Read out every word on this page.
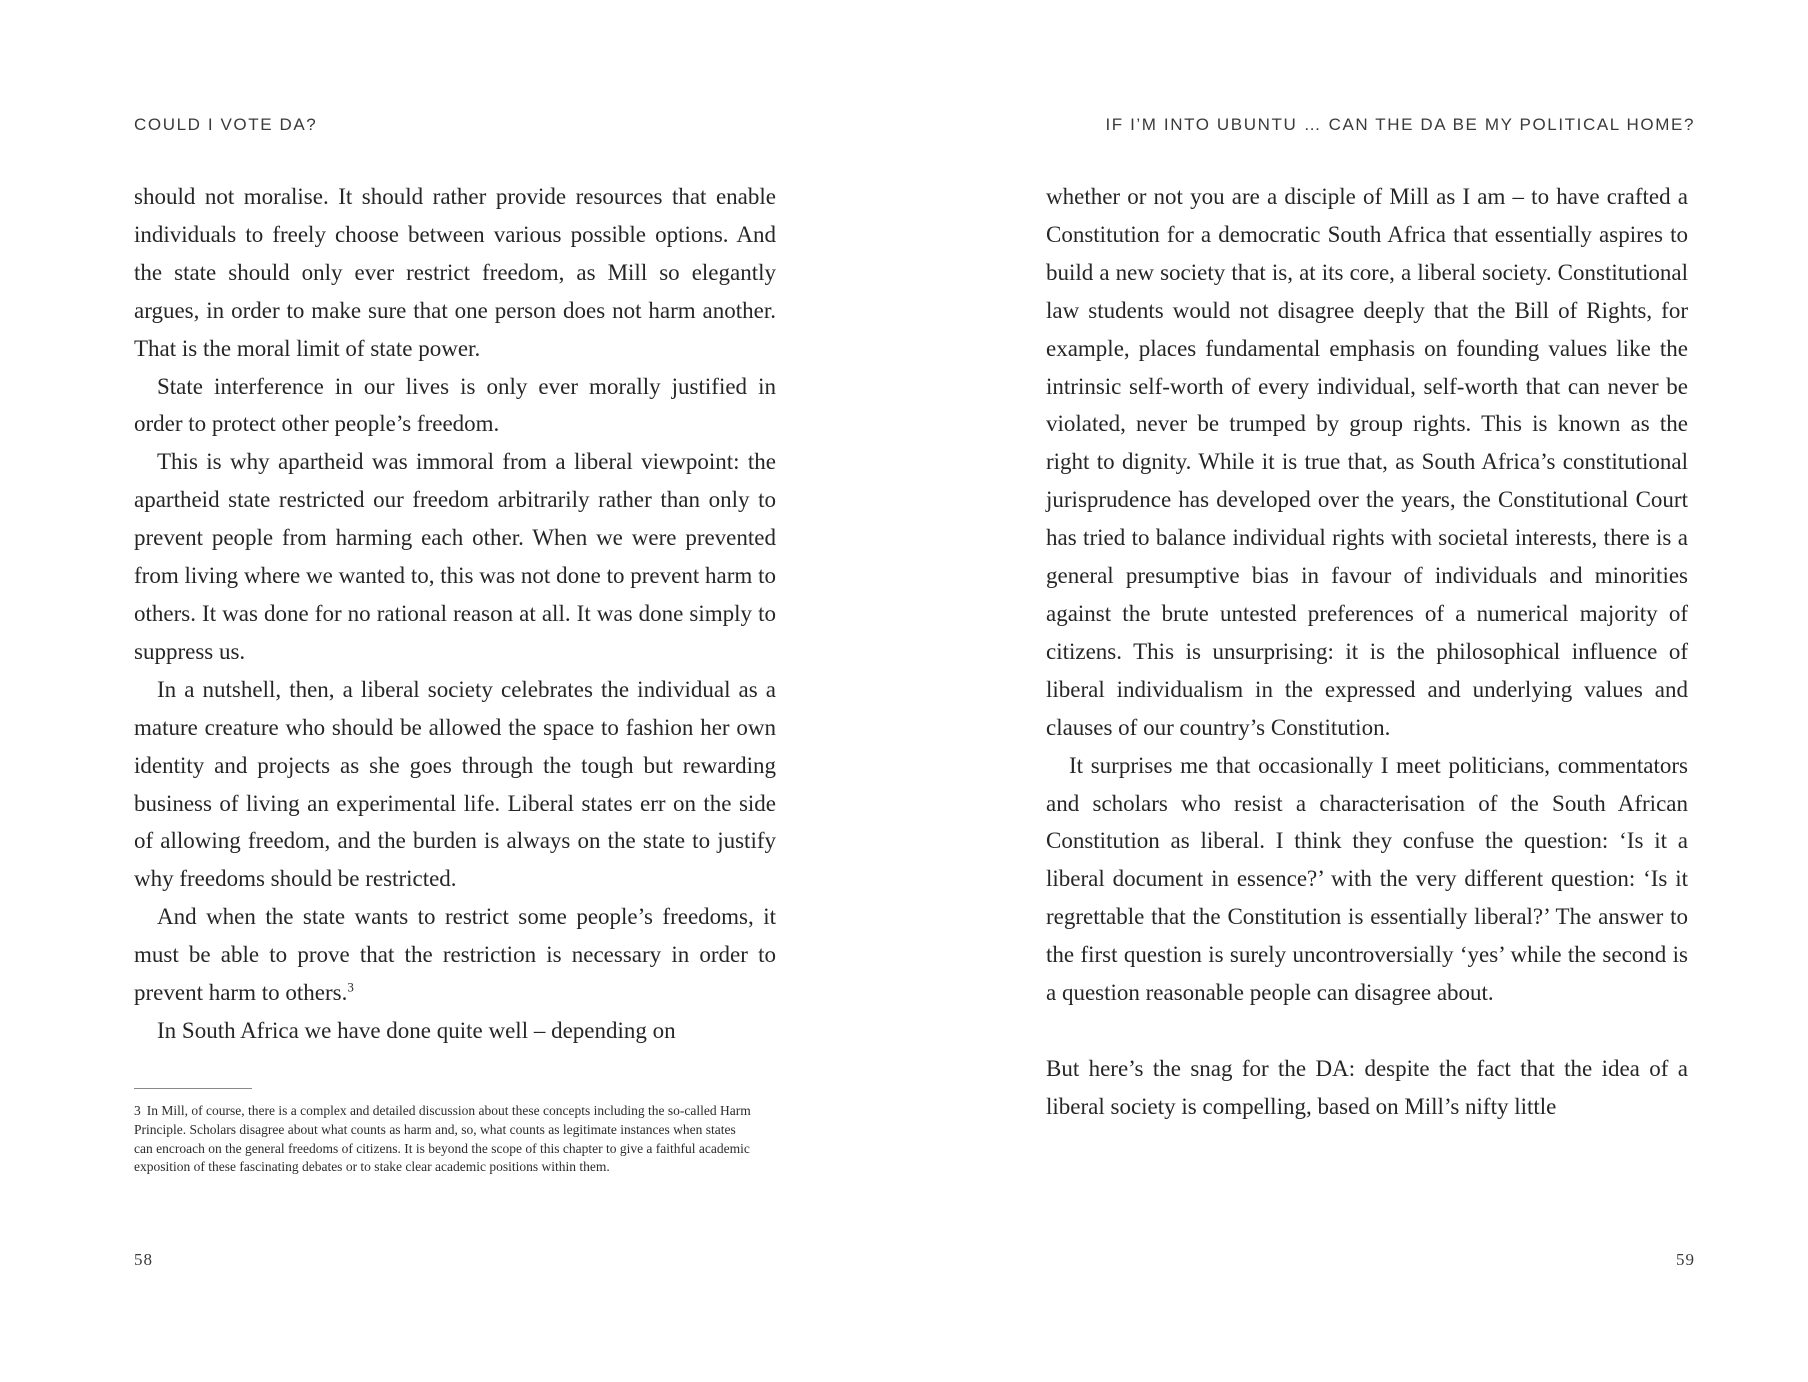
COULD I VOTE DA?

should not moralise. It should rather provide resources that enable individuals to freely choose between various possible options. And the state should only ever restrict freedom, as Mill so elegantly argues, in order to make sure that one person does not harm another. That is the moral limit of state power.

State interference in our lives is only ever morally justified in order to protect other people’s freedom.

This is why apartheid was immoral from a liberal viewpoint: the apartheid state restricted our freedom arbitrarily rather than only to prevent people from harming each other. When we were prevented from living where we wanted to, this was not done to prevent harm to others. It was done for no rational reason at all. It was done simply to suppress us.

In a nutshell, then, a liberal society celebrates the individual as a mature creature who should be allowed the space to fashion her own identity and projects as she goes through the tough but rewarding business of living an experimental life. Liberal states err on the side of allowing freedom, and the burden is always on the state to justify why freedoms should be restricted.

And when the state wants to restrict some people’s freedoms, it must be able to prove that the restriction is necessary in order to prevent harm to others.$^3$

In South Africa we have done quite well – depending on

3 In Mill, of course, there is a complex and detailed discussion about these concepts including the so-called Harm Principle. Scholars disagree about what counts as harm and, so, what counts as legitimate instances when states can encroach on the general freedoms of citizens. It is beyond the scope of this chapter to give a faithful academic exposition of these fascinating debates or to stake clear academic positions within them.
58
IF I’M INTO UBUNTU … CAN THE DA BE MY POLITICAL HOME?

whether or not you are a disciple of Mill as I am – to have crafted a Constitution for a democratic South Africa that essentially aspires to build a new society that is, at its core, a liberal society. Constitutional law students would not disagree deeply that the Bill of Rights, for example, places fundamental emphasis on founding values like the intrinsic self-worth of every individual, self-worth that can never be violated, never be trumped by group rights. This is known as the right to dignity. While it is true that, as South Africa’s constitutional jurisprudence has developed over the years, the Constitutional Court has tried to balance individual rights with societal interests, there is a general presumptive bias in favour of individuals and minorities against the brute untested preferences of a numerical majority of citizens. This is unsurprising: it is the philosophical influence of liberal individualism in the expressed and underlying values and clauses of our country’s Constitution.

It surprises me that occasionally I meet politicians, commentators and scholars who resist a characterisation of the South African Constitution as liberal. I think they confuse the question: ‘Is it a liberal document in essence?’ with the very different question: ‘Is it regrettable that the Constitution is essentially liberal?’ The answer to the first question is surely uncontroversially ‘yes’ while the second is a question reasonable people can disagree about.

But here’s the snag for the DA: despite the fact that the idea of a liberal society is compelling, based on Mill’s nifty little

59
